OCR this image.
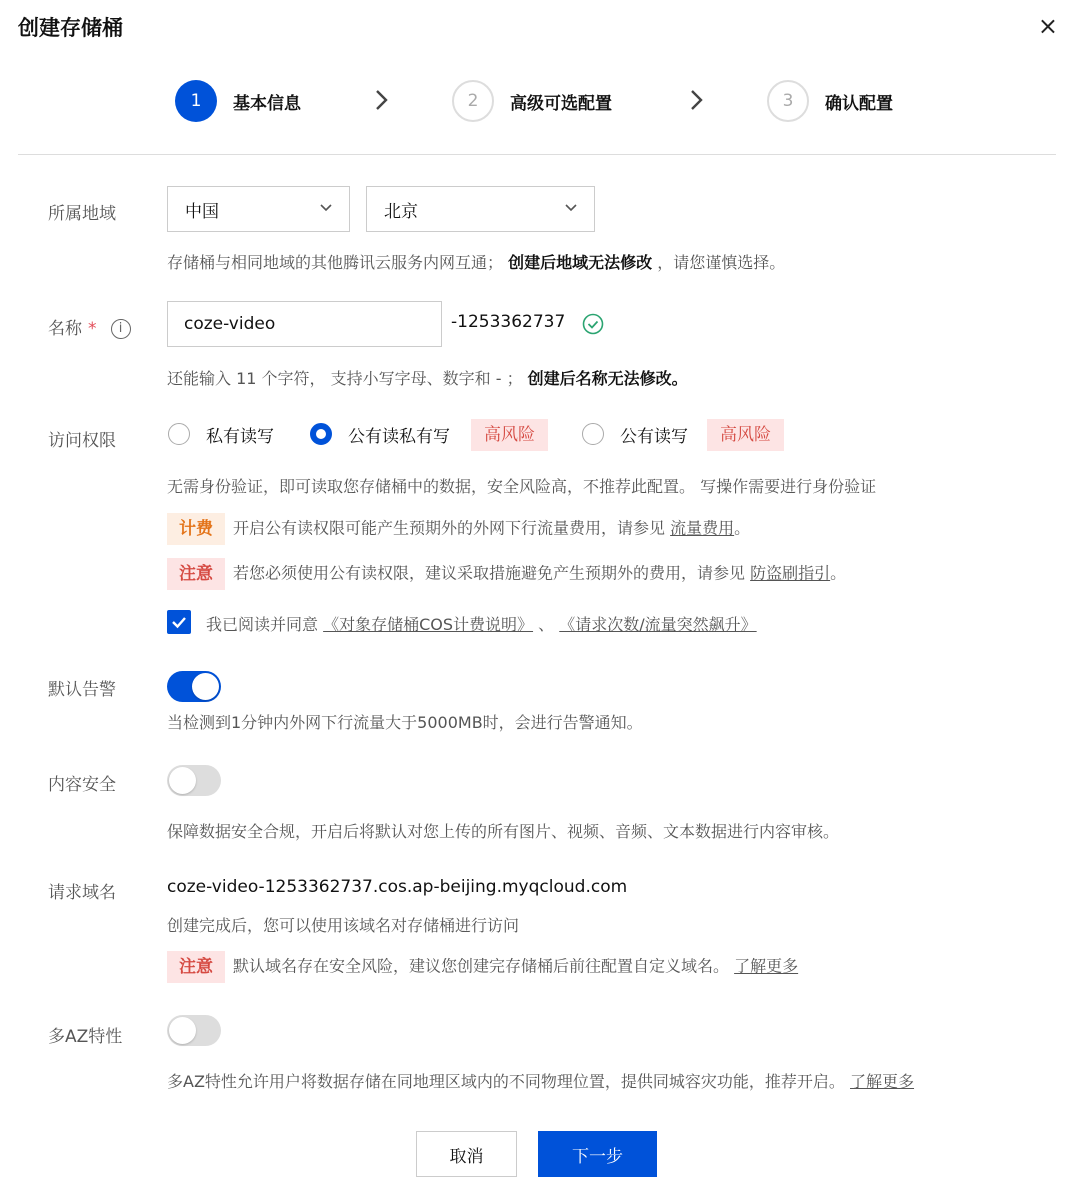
创建存储桶	×
1	基本信息	2	高级可选配置	3	确认配置
所属地域	中国	北京
存储桶与相同地域的其他腾讯云服务内网互通； 创建后地域无法修改 ，请您谨慎选择。
名称 * i	coze-video	-1253362737
还能输入 11 个字符， 支持小写字母、数字和 - ； 创建后名称无法修改。
访问权限	私有读写	公有读私有写	高风险	公有读写	高风险
无需身份验证，即可读取您存储桶中的数据，安全风险高，不推荐此配置。 写操作需要进行身份验证
计费 开启公有读权限可能产生预期外的外网下行流量费用，请参见 流量费用。
注意 若您必须使用公有读权限，建议采取措施避免产生预期外的费用，请参见 防盗刷指引。
我已阅读并同意 《对象存储桶COS计费说明》 、 《请求次数/流量突然飙升》
默认告警
当检测到1分钟内外网下行流量大于5000MB时，会进行告警通知。
内容安全
保障数据安全合规，开启后将默认对您上传的所有图片、视频、音频、文本数据进行内容审核。
请求域名	coze-video-1253362737.cos.ap-beijing.myqcloud.com
创建完成后，您可以使用该域名对存储桶进行访问
注意 默认域名存在安全风险，建议您创建完存储桶后前往配置自定义域名。 了解更多
多AZ特性
多AZ特性允许用户将数据存储在同地理区域内的不同物理位置，提供同城容灾功能，推荐开启。 了解更多
取消	下一步
